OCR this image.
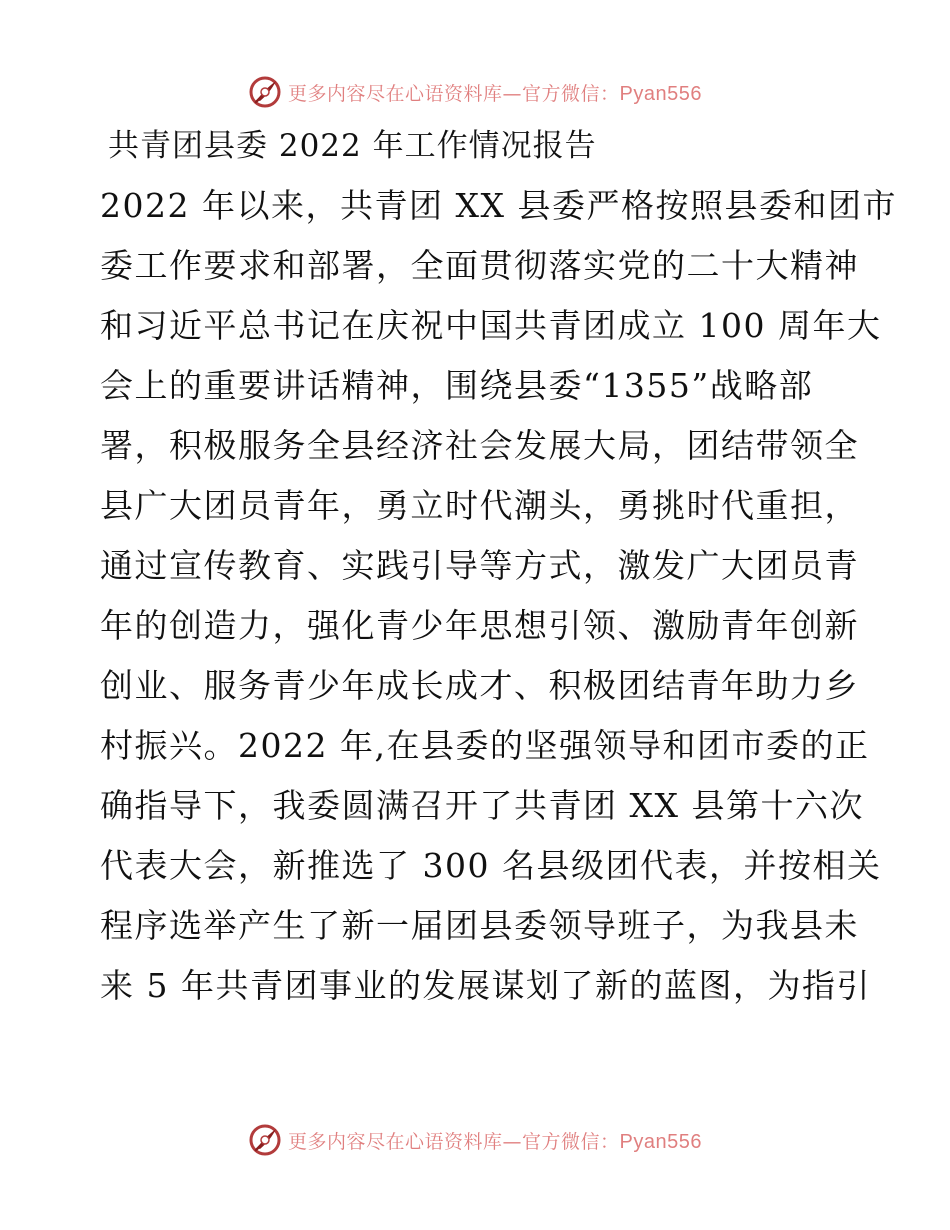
更多内容尽在心语资料库—官方微信：Pyan556
共青团县委 2022 年工作情况报告
2022 年以来，共青团 XX 县委严格按照县委和团市
委工作要求和部署，全面贯彻落实党的二十大精神
和习近平总书记在庆祝中国共青团成立 100 周年大
会上的重要讲话精神，围绕县委“1355”战略部
署，积极服务全县经济社会发展大局，团结带领全
县广大团员青年，勇立时代潮头，勇挑时代重担，
通过宣传教育、实践引导等方式，激发广大团员青
年的创造力，强化青少年思想引领、激励青年创新
创业、服务青少年成长成才、积极团结青年助力乡
村振兴。2022 年,在县委的坚强领导和团市委的正
确指导下，我委圆满召开了共青团 XX 县第十六次
代表大会，新推选了 300 名县级团代表，并按相关
程序选举产生了新一届团县委领导班子，为我县未
来 5 年共青团事业的发展谋划了新的蓝图，为指引
更多内容尽在心语资料库—官方微信：Pyan556
